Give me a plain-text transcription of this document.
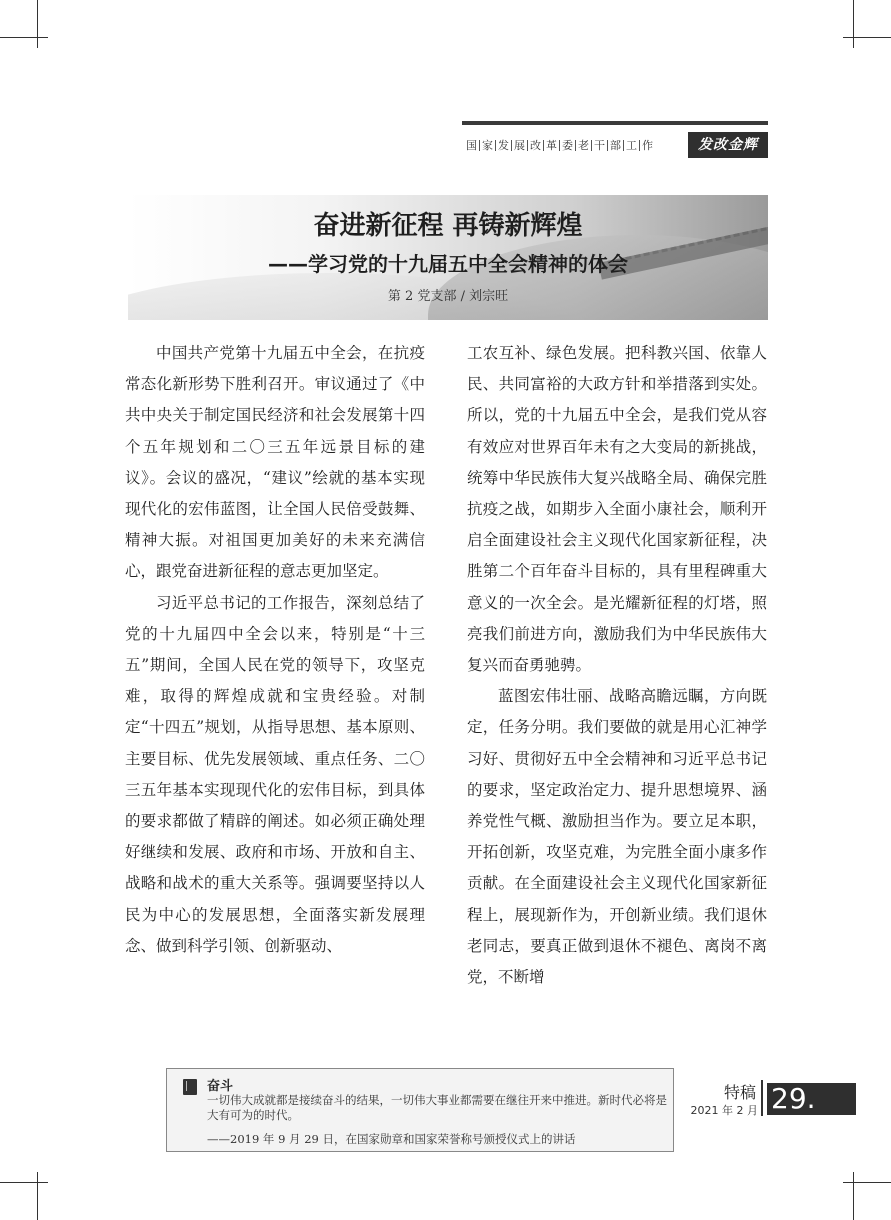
国 家 发 展 改 革 委 老 干 部 工 作	发改金辉
奋进新征程 再铸新辉煌
——学习党的十九届五中全会精神的体会
第 2 党支部 / 刘宗旺

中国共产党第十九届五中全会，在抗疫常态化新形势下胜利召开。审议通过了《中共中央关于制定国民经济和社会发展第十四个五年规划和二〇三五年远景目标的建议》。会议的盛况，“建议”绘就的基本实现现代化的宏伟蓝图，让全国人民倍受鼓舞、精神大振。对祖国更加美好的未来充满信心，跟党奋进新征程的意志更加坚定。

习近平总书记的工作报告，深刻总结了党的十九届四中全会以来，特别是“十三五”期间，全国人民在党的领导下，攻坚克难，取得的辉煌成就和宝贵经验。对制定“十四五”规划，从指导思想、基本原则、主要目标、优先发展领域、重点任务、二〇三五年基本实现现代化的宏伟目标，到具体的要求都做了精辟的阐述。如必须正确处理好继续和发展、政府和市场、开放和自主、战略和战术的重大关系等。强调要坚持以人民为中心的发展思想，全面落实新发展理念、做到科学引领、创新驱动、

工农互补、绿色发展。把科教兴国、依靠人民、共同富裕的大政方针和举措落到实处。所以，党的十九届五中全会，是我们党从容有效应对世界百年未有之大变局的新挑战，统筹中华民族伟大复兴战略全局、确保完胜抗疫之战，如期步入全面小康社会，顺利开启全面建设社会主义现代化国家新征程，决胜第二个百年奋斗目标的，具有里程碑重大意义的一次全会。是光耀新征程的灯塔，照亮我们前进方向，激励我们为中华民族伟大复兴而奋勇驰骋。

蓝图宏伟壮丽、战略高瞻远瞩，方向既定，任务分明。我们要做的就是用心汇神学习好、贯彻好五中全会精神和习近平总书记的要求，坚定政治定力、提升思想境界、涵养党性气概、激励担当作为。要立足本职，开拓创新，攻坚克难，为完胜全面小康多作贡献。在全面建设社会主义现代化国家新征程上，展现新作为，开创新业绩。我们退休老同志，要真正做到退休不褪色、离岗不离党，不断增

奋斗
一切伟大成就都是接续奋斗的结果，一切伟大事业都需要在继往开来中推进。新时代必将是大有可为的时代。
——2019 年 9 月 29 日，在国家勋章和国家荣誉称号颁授仪式上的讲话
特稿
2021 年 2 月 29.
